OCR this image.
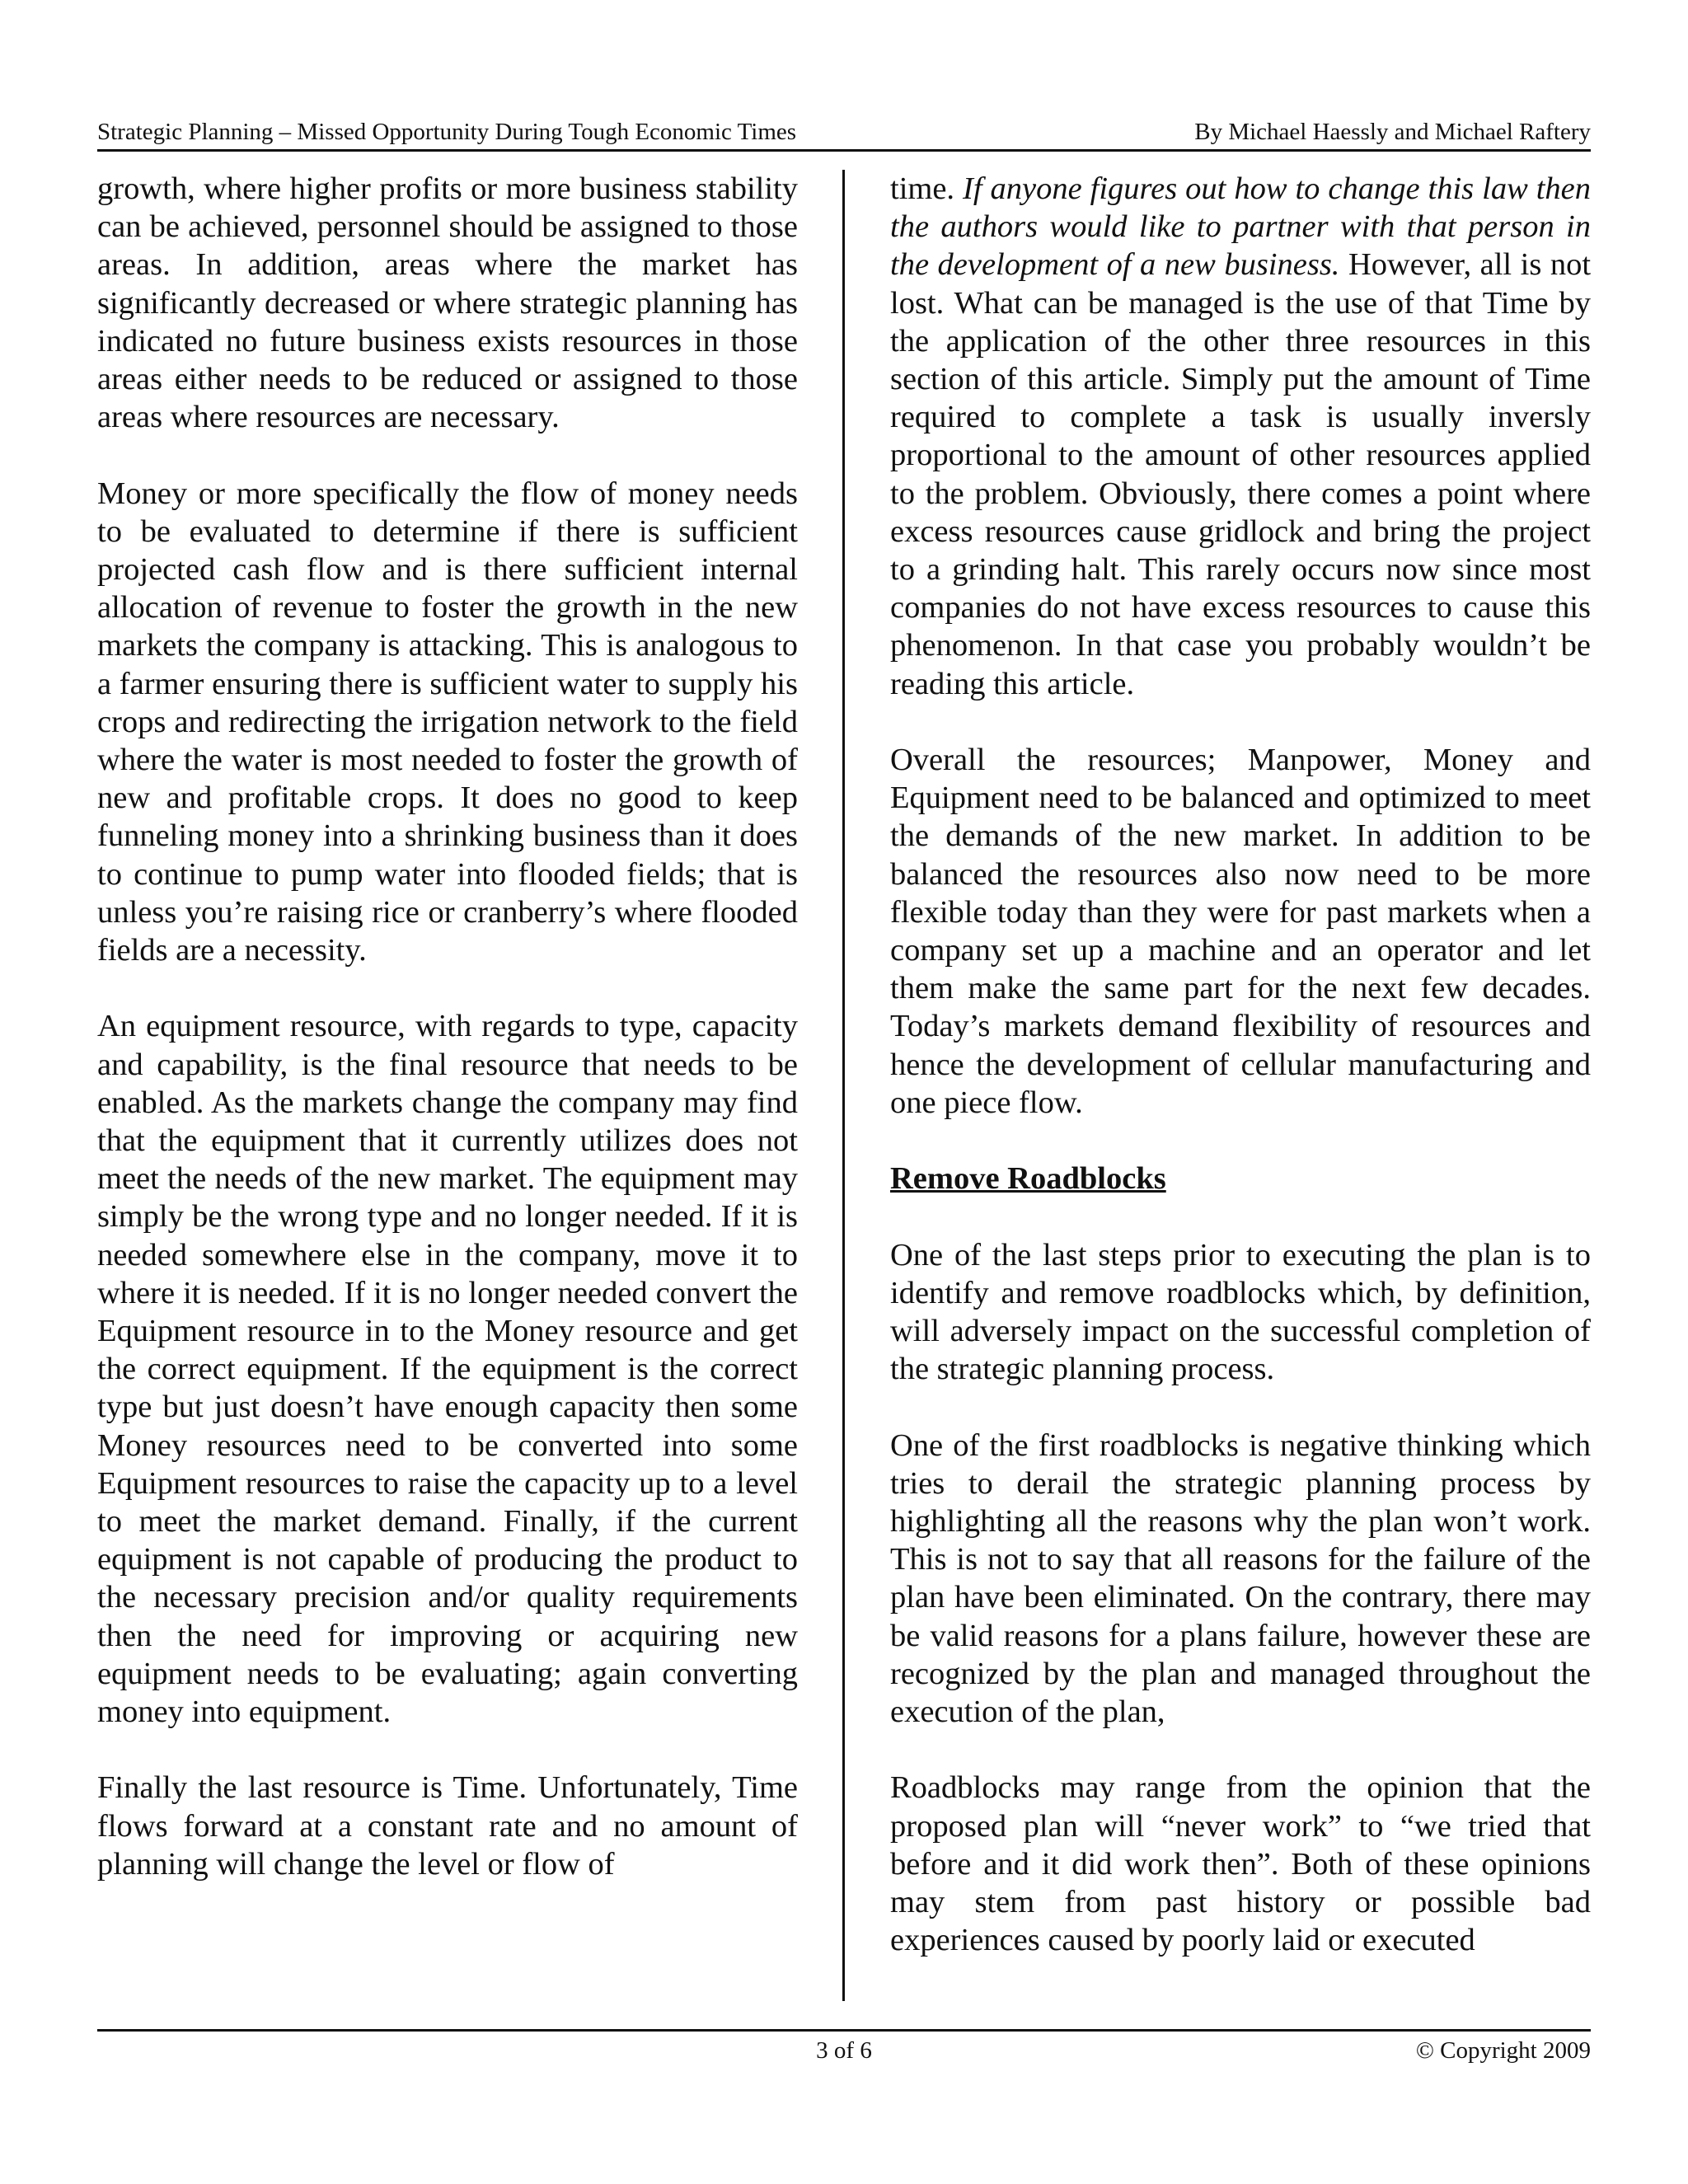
Strategic Planning – Missed Opportunity During Tough Economic Times	By Michael Haessly and Michael Raftery

growth, where higher profits or more business stability can be achieved, personnel should be assigned to those areas. In addition, areas where the market has significantly decreased or where strategic planning has indicated no future business exists resources in those areas either needs to be reduced or assigned to those areas where resources are necessary.

Money or more specifically the flow of money needs to be evaluated to determine if there is sufficient projected cash flow and is there sufficient internal allocation of revenue to foster the growth in the new markets the company is attacking. This is analogous to a farmer ensuring there is sufficient water to supply his crops and redirecting the irrigation network to the field where the water is most needed to foster the growth of new and profitable crops. It does no good to keep funneling money into a shrinking business than it does to continue to pump water into flooded fields; that is unless you’re raising rice or cranberry’s where flooded fields are a necessity.

An equipment resource, with regards to type, capacity and capability, is the final resource that needs to be enabled. As the markets change the company may find that the equipment that it currently utilizes does not meet the needs of the new market. The equipment may simply be the wrong type and no longer needed. If it is needed somewhere else in the company, move it to where it is needed. If it is no longer needed convert the Equipment resource in to the Money resource and get the correct equipment. If the equipment is the correct type but just doesn’t have enough capacity then some Money resources need to be converted into some Equipment resources to raise the capacity up to a level to meet the market demand. Finally, if the current equipment is not capable of producing the product to the necessary precision and/or quality requirements then the need for improving or acquiring new equipment needs to be evaluating; again converting money into equipment.

Finally the last resource is Time. Unfortunately, Time flows forward at a constant rate and no amount of planning will change the level or flow of

time. If anyone figures out how to change this law then the authors would like to partner with that person in the development of a new business. However, all is not lost. What can be managed is the use of that Time by the application of the other three resources in this section of this article. Simply put the amount of Time required to complete a task is usually inversly proportional to the amount of other resources applied to the problem. Obviously, there comes a point where excess resources cause gridlock and bring the project to a grinding halt. This rarely occurs now since most companies do not have excess resources to cause this phenomenon. In that case you probably wouldn’t be reading this article.

Overall the resources; Manpower, Money and Equipment need to be balanced and optimized to meet the demands of the new market. In addition to be balanced the resources also now need to be more flexible today than they were for past markets when a company set up a machine and an operator and let them make the same part for the next few decades. Today’s markets demand flexibility of resources and hence the development of cellular manufacturing and one piece flow.

Remove Roadblocks

One of the last steps prior to executing the plan is to identify and remove roadblocks which, by definition, will adversely impact on the successful completion of the strategic planning process.

One of the first roadblocks is negative thinking which tries to derail the strategic planning process by highlighting all the reasons why the plan won’t work. This is not to say that all reasons for the failure of the plan have been eliminated. On the contrary, there may be valid reasons for a plans failure, however these are recognized by the plan and managed throughout the execution of the plan,

Roadblocks may range from the opinion that the proposed plan will “never work” to “we tried that before and it did work then”. Both of these opinions may stem from past history or possible bad experiences caused by poorly laid or executed

3 of 6	© Copyright 2009
